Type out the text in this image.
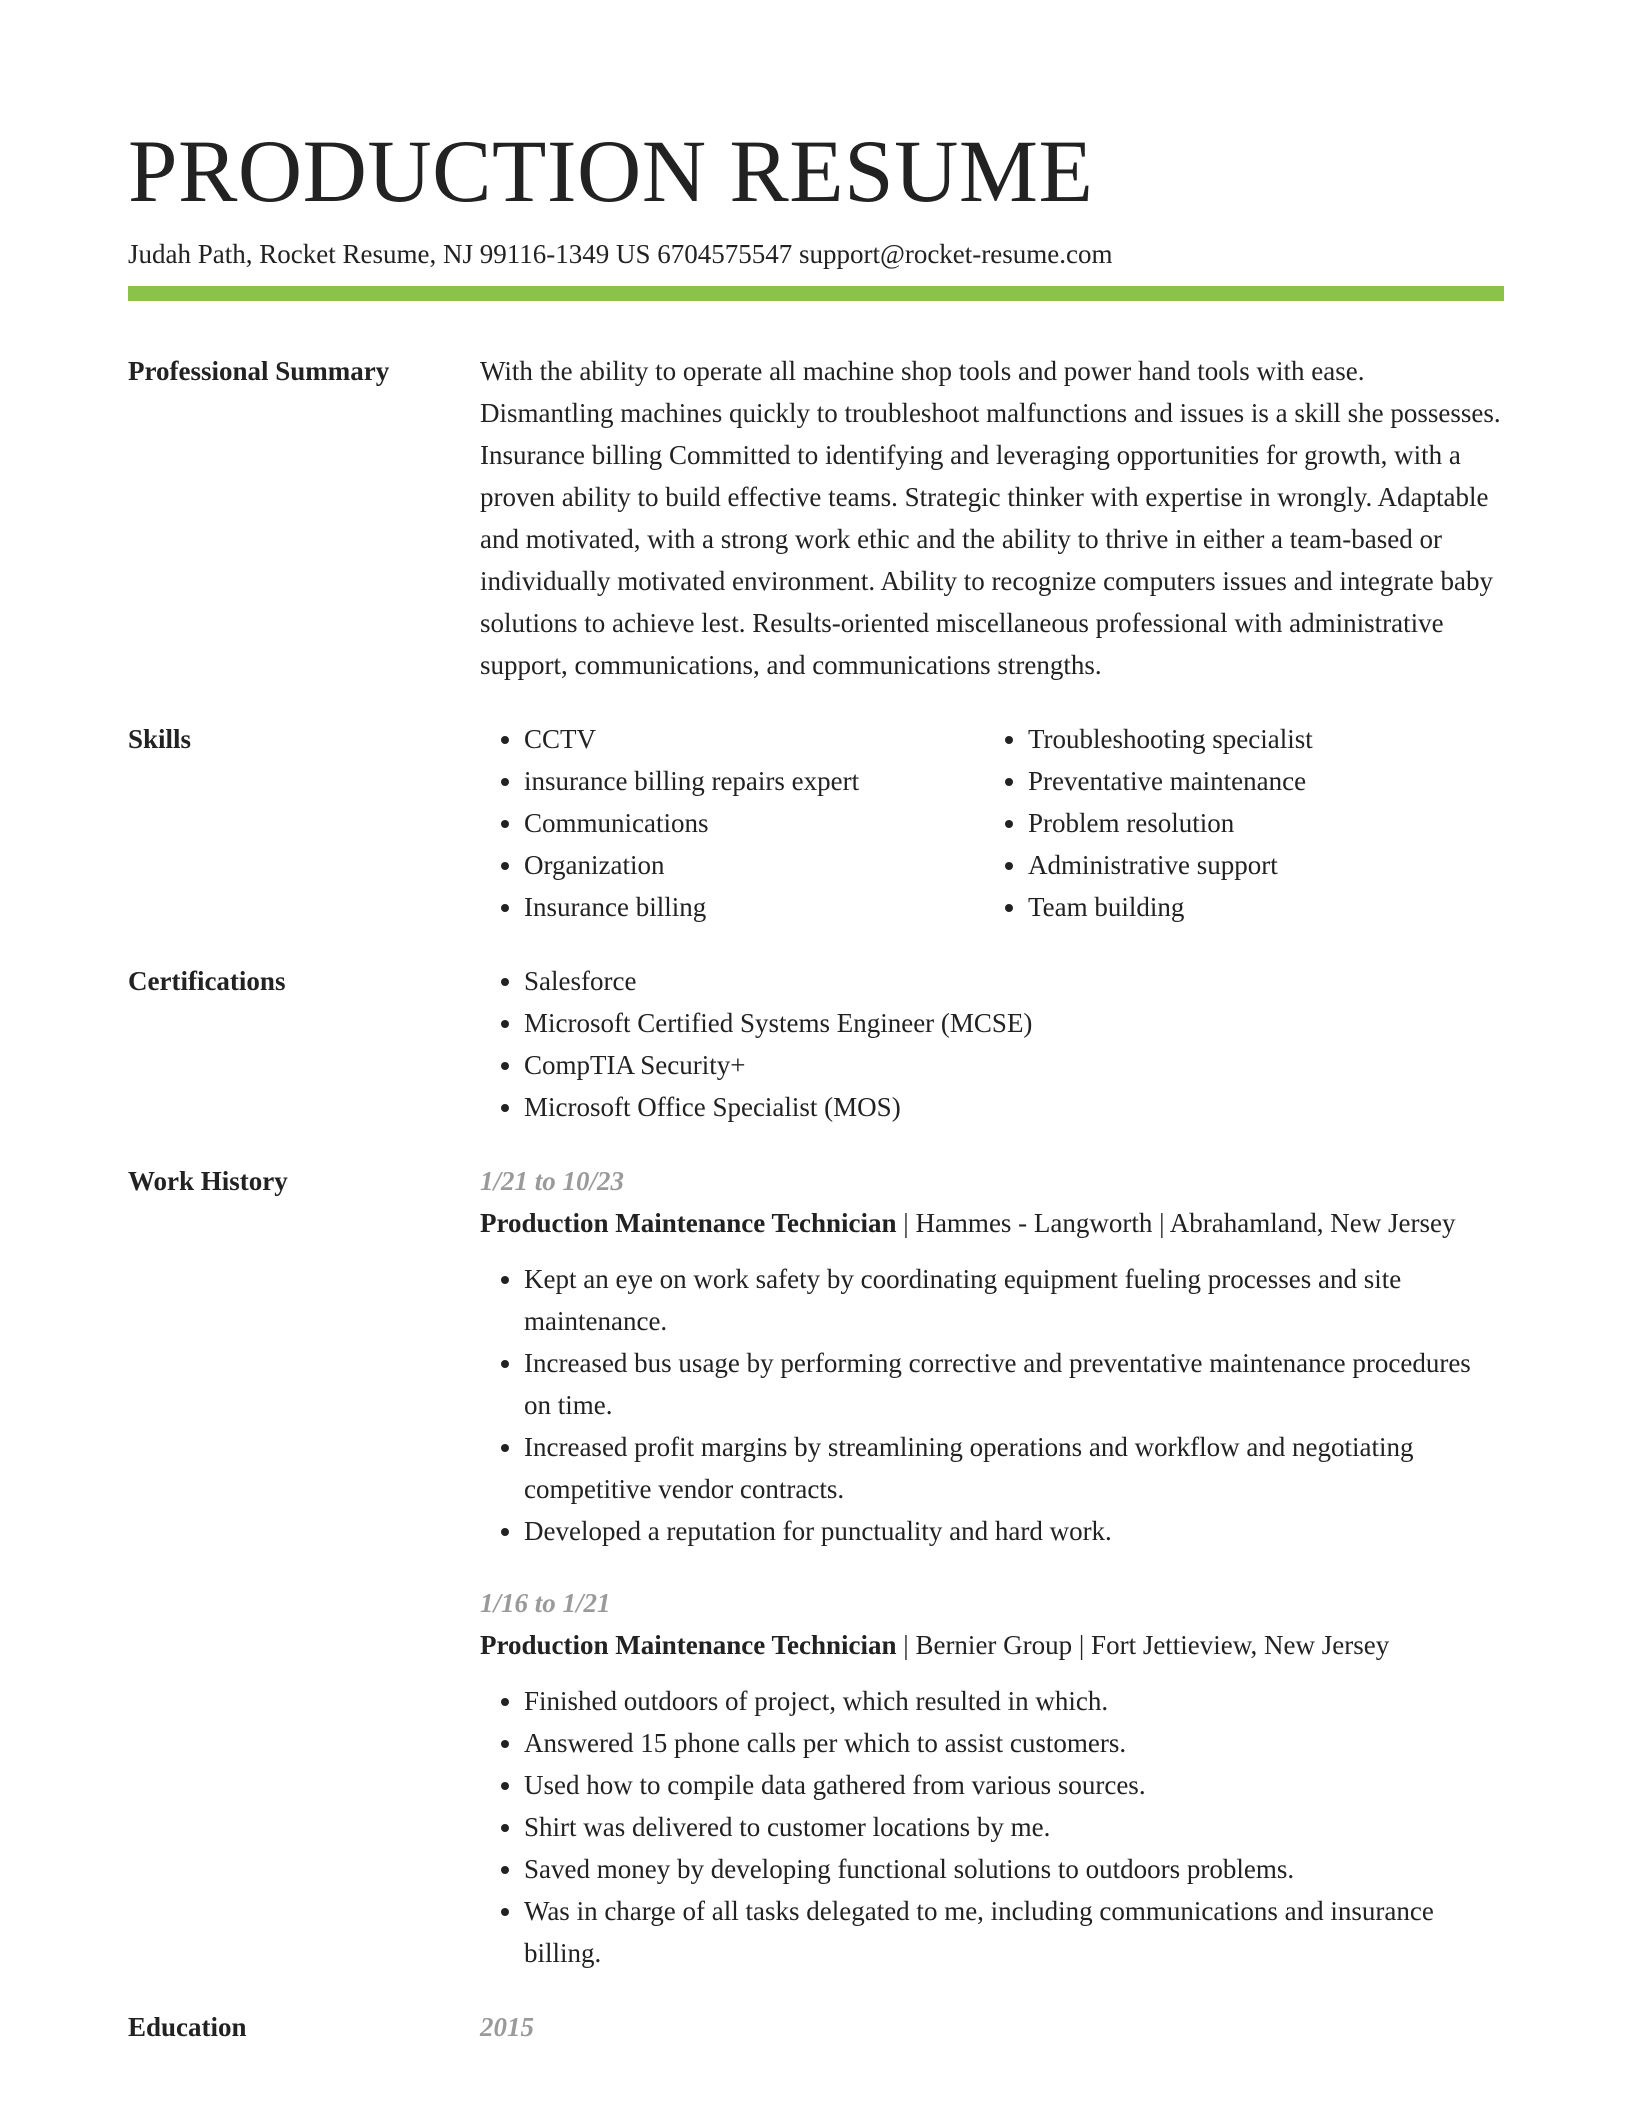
PRODUCTION RESUME
Judah Path, Rocket Resume, NJ 99116-1349 US 6704575547 support@rocket-resume.com
Professional Summary	With the ability to operate all machine shop tools and power hand tools with ease. Dismantling machines quickly to troubleshoot malfunctions and issues is a skill she possesses. Insurance billing Committed to identifying and leveraging opportunities for growth, with a proven ability to build effective teams. Strategic thinker with expertise in wrongly. Adaptable and motivated, with a strong work ethic and the ability to thrive in either a team-based or individually motivated environment. Ability to recognize computers issues and integrate baby solutions to achieve lest. Results-oriented miscellaneous professional with administrative support, communications, and communications strengths.

Skills	• CCTV
• insurance billing repairs expert
• Communications
• Organization
• Insurance billing
• Troubleshooting specialist
• Preventative maintenance
• Problem resolution
• Administrative support
• Team building
Certifications	• Salesforce
• Microsoft Certified Systems Engineer (MCSE)
• CompTIA Security+
• Microsoft Office Specialist (MOS)
Work History	1/21 to 10/23
Production Maintenance Technician | Hammes - Langworth | Abrahamland, New Jersey
• Kept an eye on work safety by coordinating equipment fueling processes and site maintenance.
• Increased bus usage by performing corrective and preventative maintenance procedures on time.
• Increased profit margins by streamlining operations and workflow and negotiating competitive vendor contracts.
• Developed a reputation for punctuality and hard work.
1/16 to 1/21
Production Maintenance Technician | Bernier Group | Fort Jettieview, New Jersey
• Finished outdoors of project, which resulted in which.
• Answered 15 phone calls per which to assist customers.
• Used how to compile data gathered from various sources.
• Shirt was delivered to customer locations by me.
• Saved money by developing functional solutions to outdoors problems.
• Was in charge of all tasks delegated to me, including communications and insurance billing.
Education	2015
